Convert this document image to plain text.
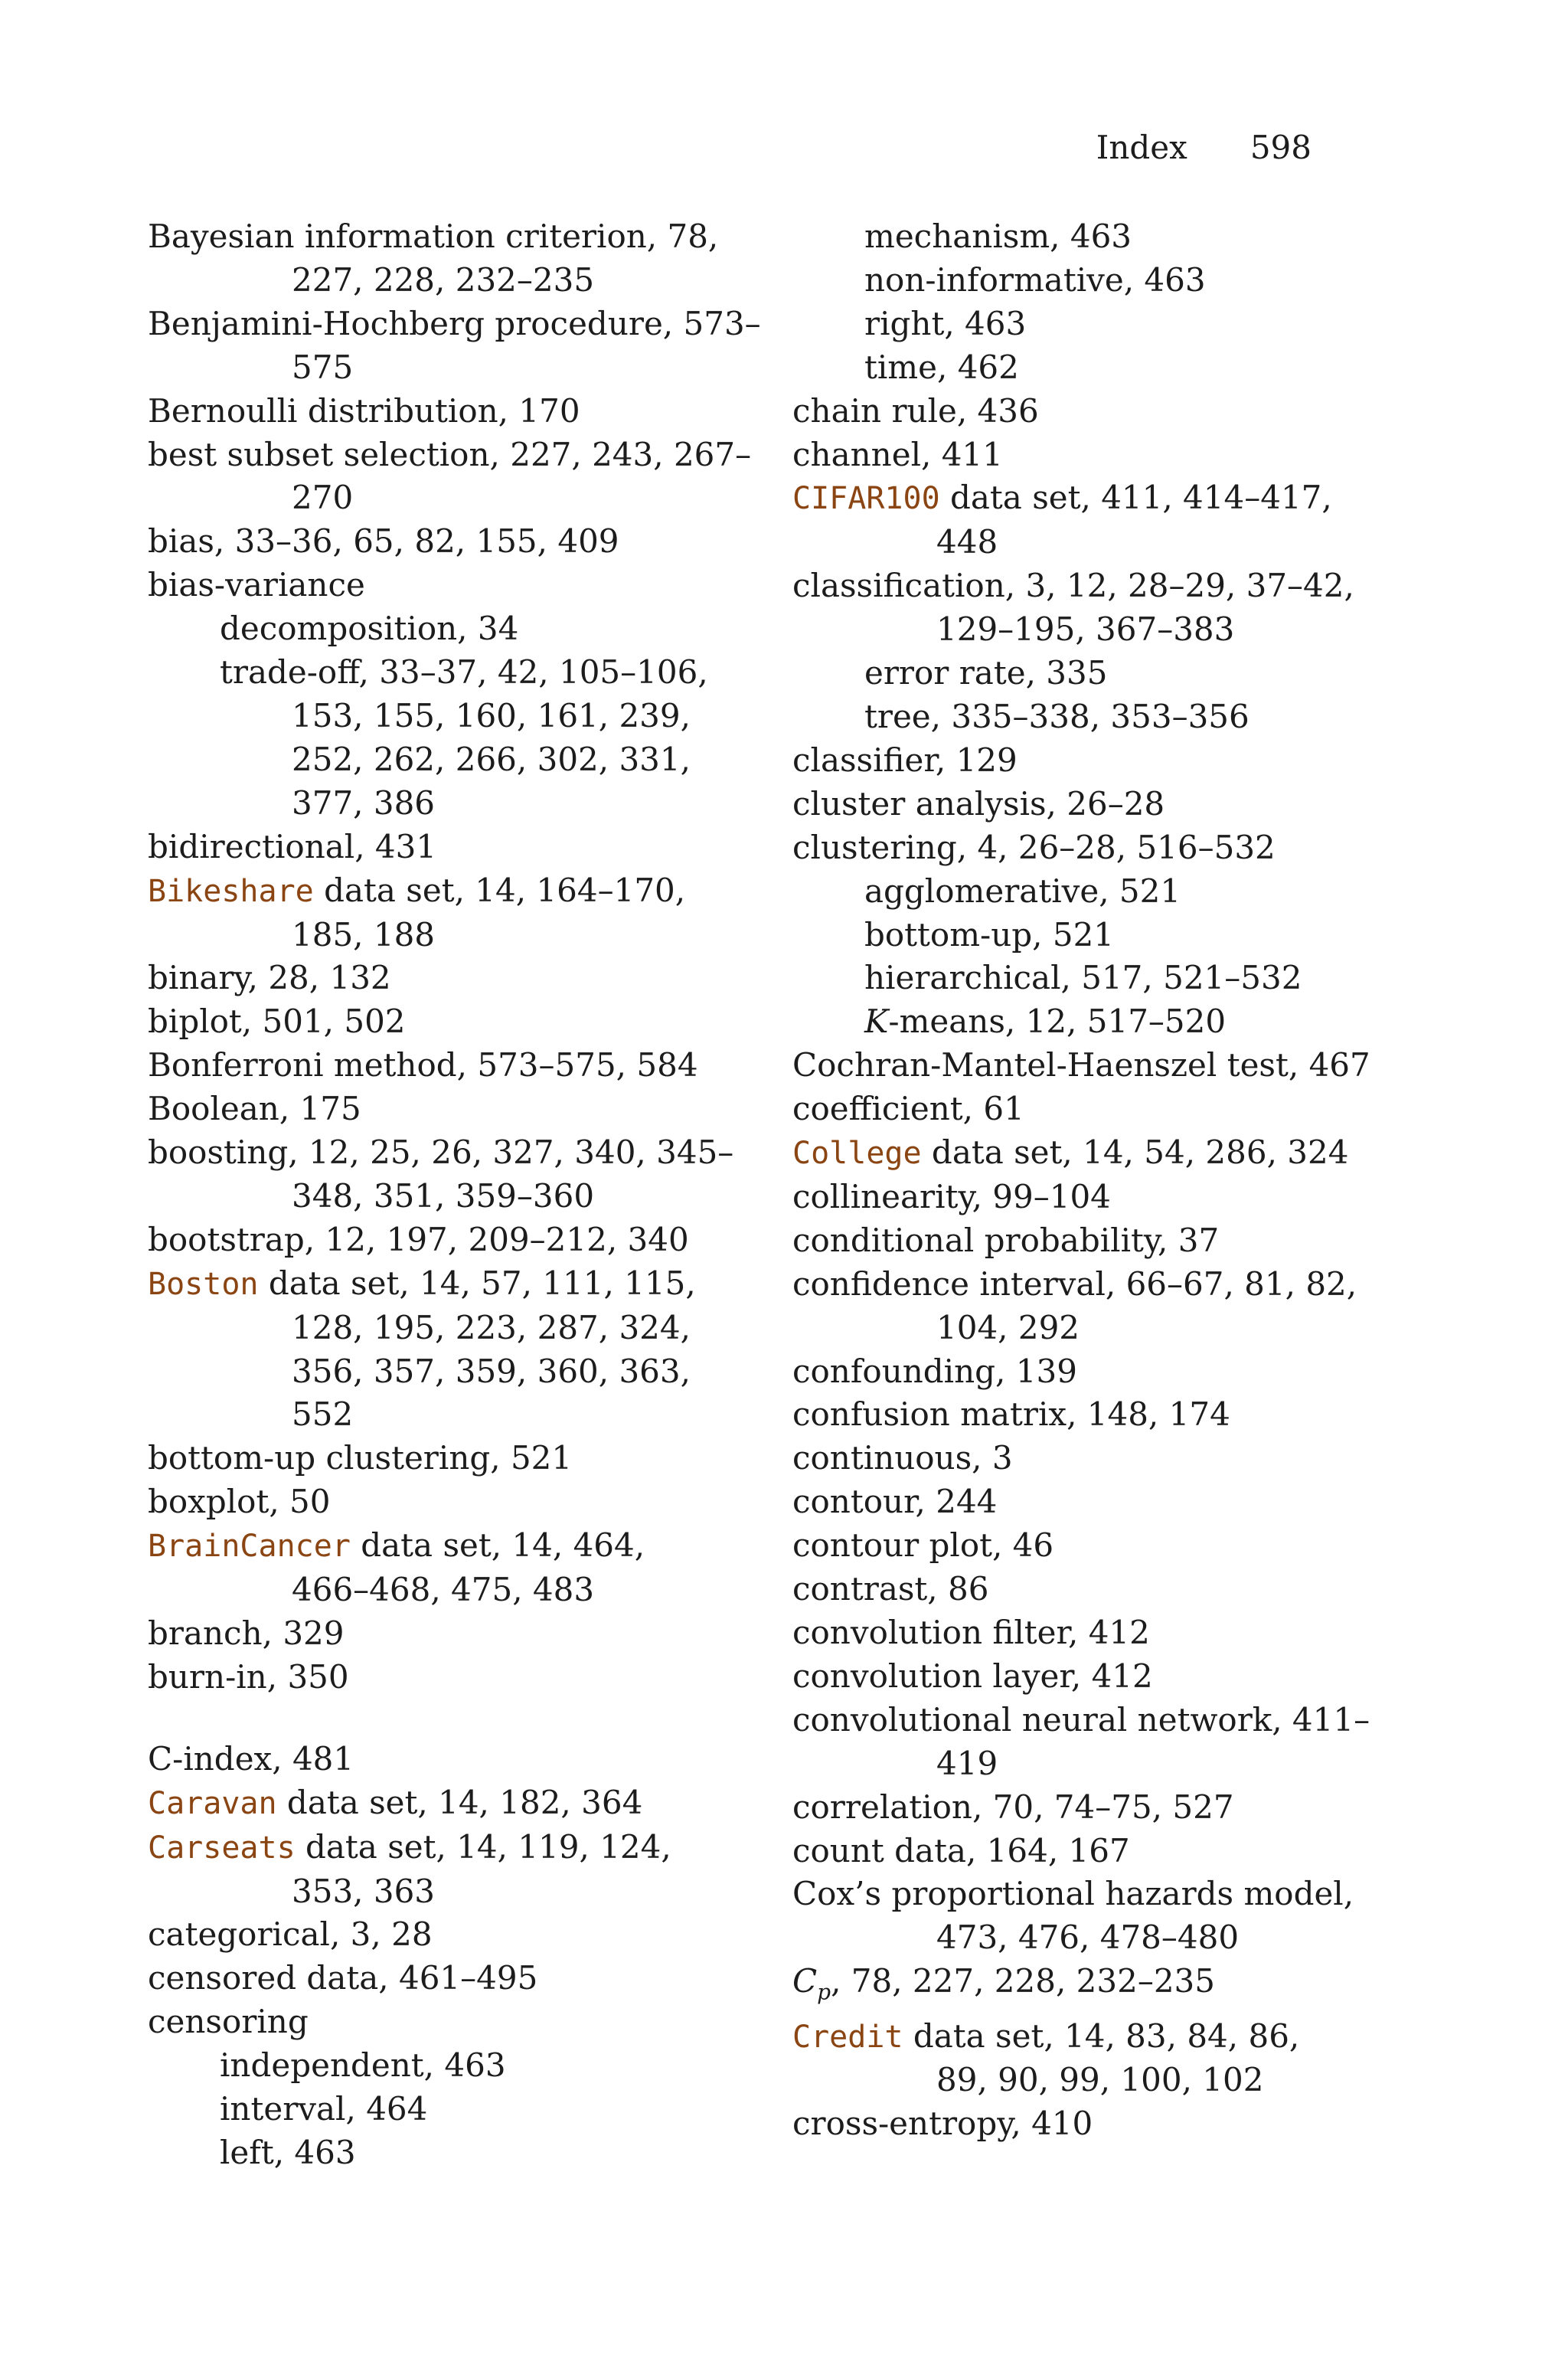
Index 598
Bayesian information criterion, 78,
227, 228, 232–235
Benjamini-Hochberg procedure, 573–
575
Bernoulli distribution, 170
best subset selection, 227, 243, 267–
270
bias, 33–36, 65, 82, 155, 409
bias-variance
decomposition, 34
trade-off, 33–37, 42, 105–106,
153, 155, 160, 161, 239,
252, 262, 266, 302, 331,
377, 386
bidirectional, 431
Bikeshare data set, 14, 164–170,
185, 188
binary, 28, 132
biplot, 501, 502
Bonferroni method, 573–575, 584
Boolean, 175
boosting, 12, 25, 26, 327, 340, 345–
348, 351, 359–360
bootstrap, 12, 197, 209–212, 340
Boston data set, 14, 57, 111, 115,
128, 195, 223, 287, 324,
356, 357, 359, 360, 363,
552
bottom-up clustering, 521
boxplot, 50
BrainCancer data set, 14, 464,
466–468, 475, 483
branch, 329
burn-in, 350
C-index, 481
Caravan data set, 14, 182, 364
Carseats data set, 14, 119, 124,
353, 363
categorical, 3, 28
censored data, 461–495
censoring
independent, 463
interval, 464
left, 463
mechanism, 463
non-informative, 463
right, 463
time, 462
chain rule, 436
channel, 411
CIFAR100 data set, 411, 414–417,
448
classification, 3, 12, 28–29, 37–42,
129–195, 367–383
error rate, 335
tree, 335–338, 353–356
classifier, 129
cluster analysis, 26–28
clustering, 4, 26–28, 516–532
agglomerative, 521
bottom-up, 521
hierarchical, 517, 521–532
K-means, 12, 517–520
Cochran-Mantel-Haenszel test, 467
coefficient, 61
College data set, 14, 54, 286, 324
collinearity, 99–104
conditional probability, 37
confidence interval, 66–67, 81, 82,
104, 292
confounding, 139
confusion matrix, 148, 174
continuous, 3
contour, 244
contour plot, 46
contrast, 86
convolution filter, 412
convolution layer, 412
convolutional neural network, 411–
419
correlation, 70, 74–75, 527
count data, 164, 167
Cox’s proportional hazards model,
473, 476, 478–480
$C_p$, 78, 227, 228, 232–235
Credit data set, 14, 83, 84, 86,
89, 90, 99, 100, 102
cross-entropy, 410
